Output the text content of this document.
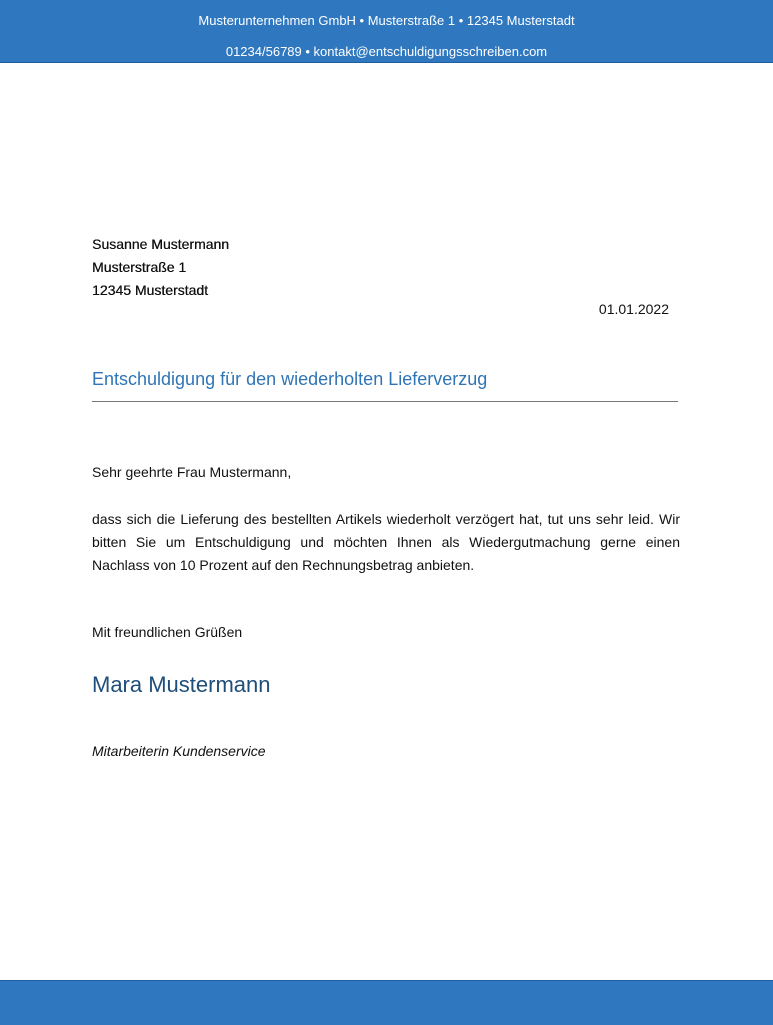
Musterunternehmen GmbH • Musterstraße 1 • 12345 Musterstadt
01234/56789 • kontakt@entschuldigungsschreiben.com
Susanne Mustermann
Musterstraße 1
12345 Musterstadt
01.01.2022
Entschuldigung für den wiederholten Lieferverzug
Sehr geehrte Frau Mustermann,
dass sich die Lieferung des bestellten Artikels wiederholt verzögert hat, tut uns sehr leid. Wir bitten Sie um Entschuldigung und möchten Ihnen als Wiedergutmachung gerne einen Nachlass von 10 Prozent auf den Rechnungsbetrag anbieten.
Mit freundlichen Grüßen
Mara Mustermann
Mitarbeiterin Kundenservice
